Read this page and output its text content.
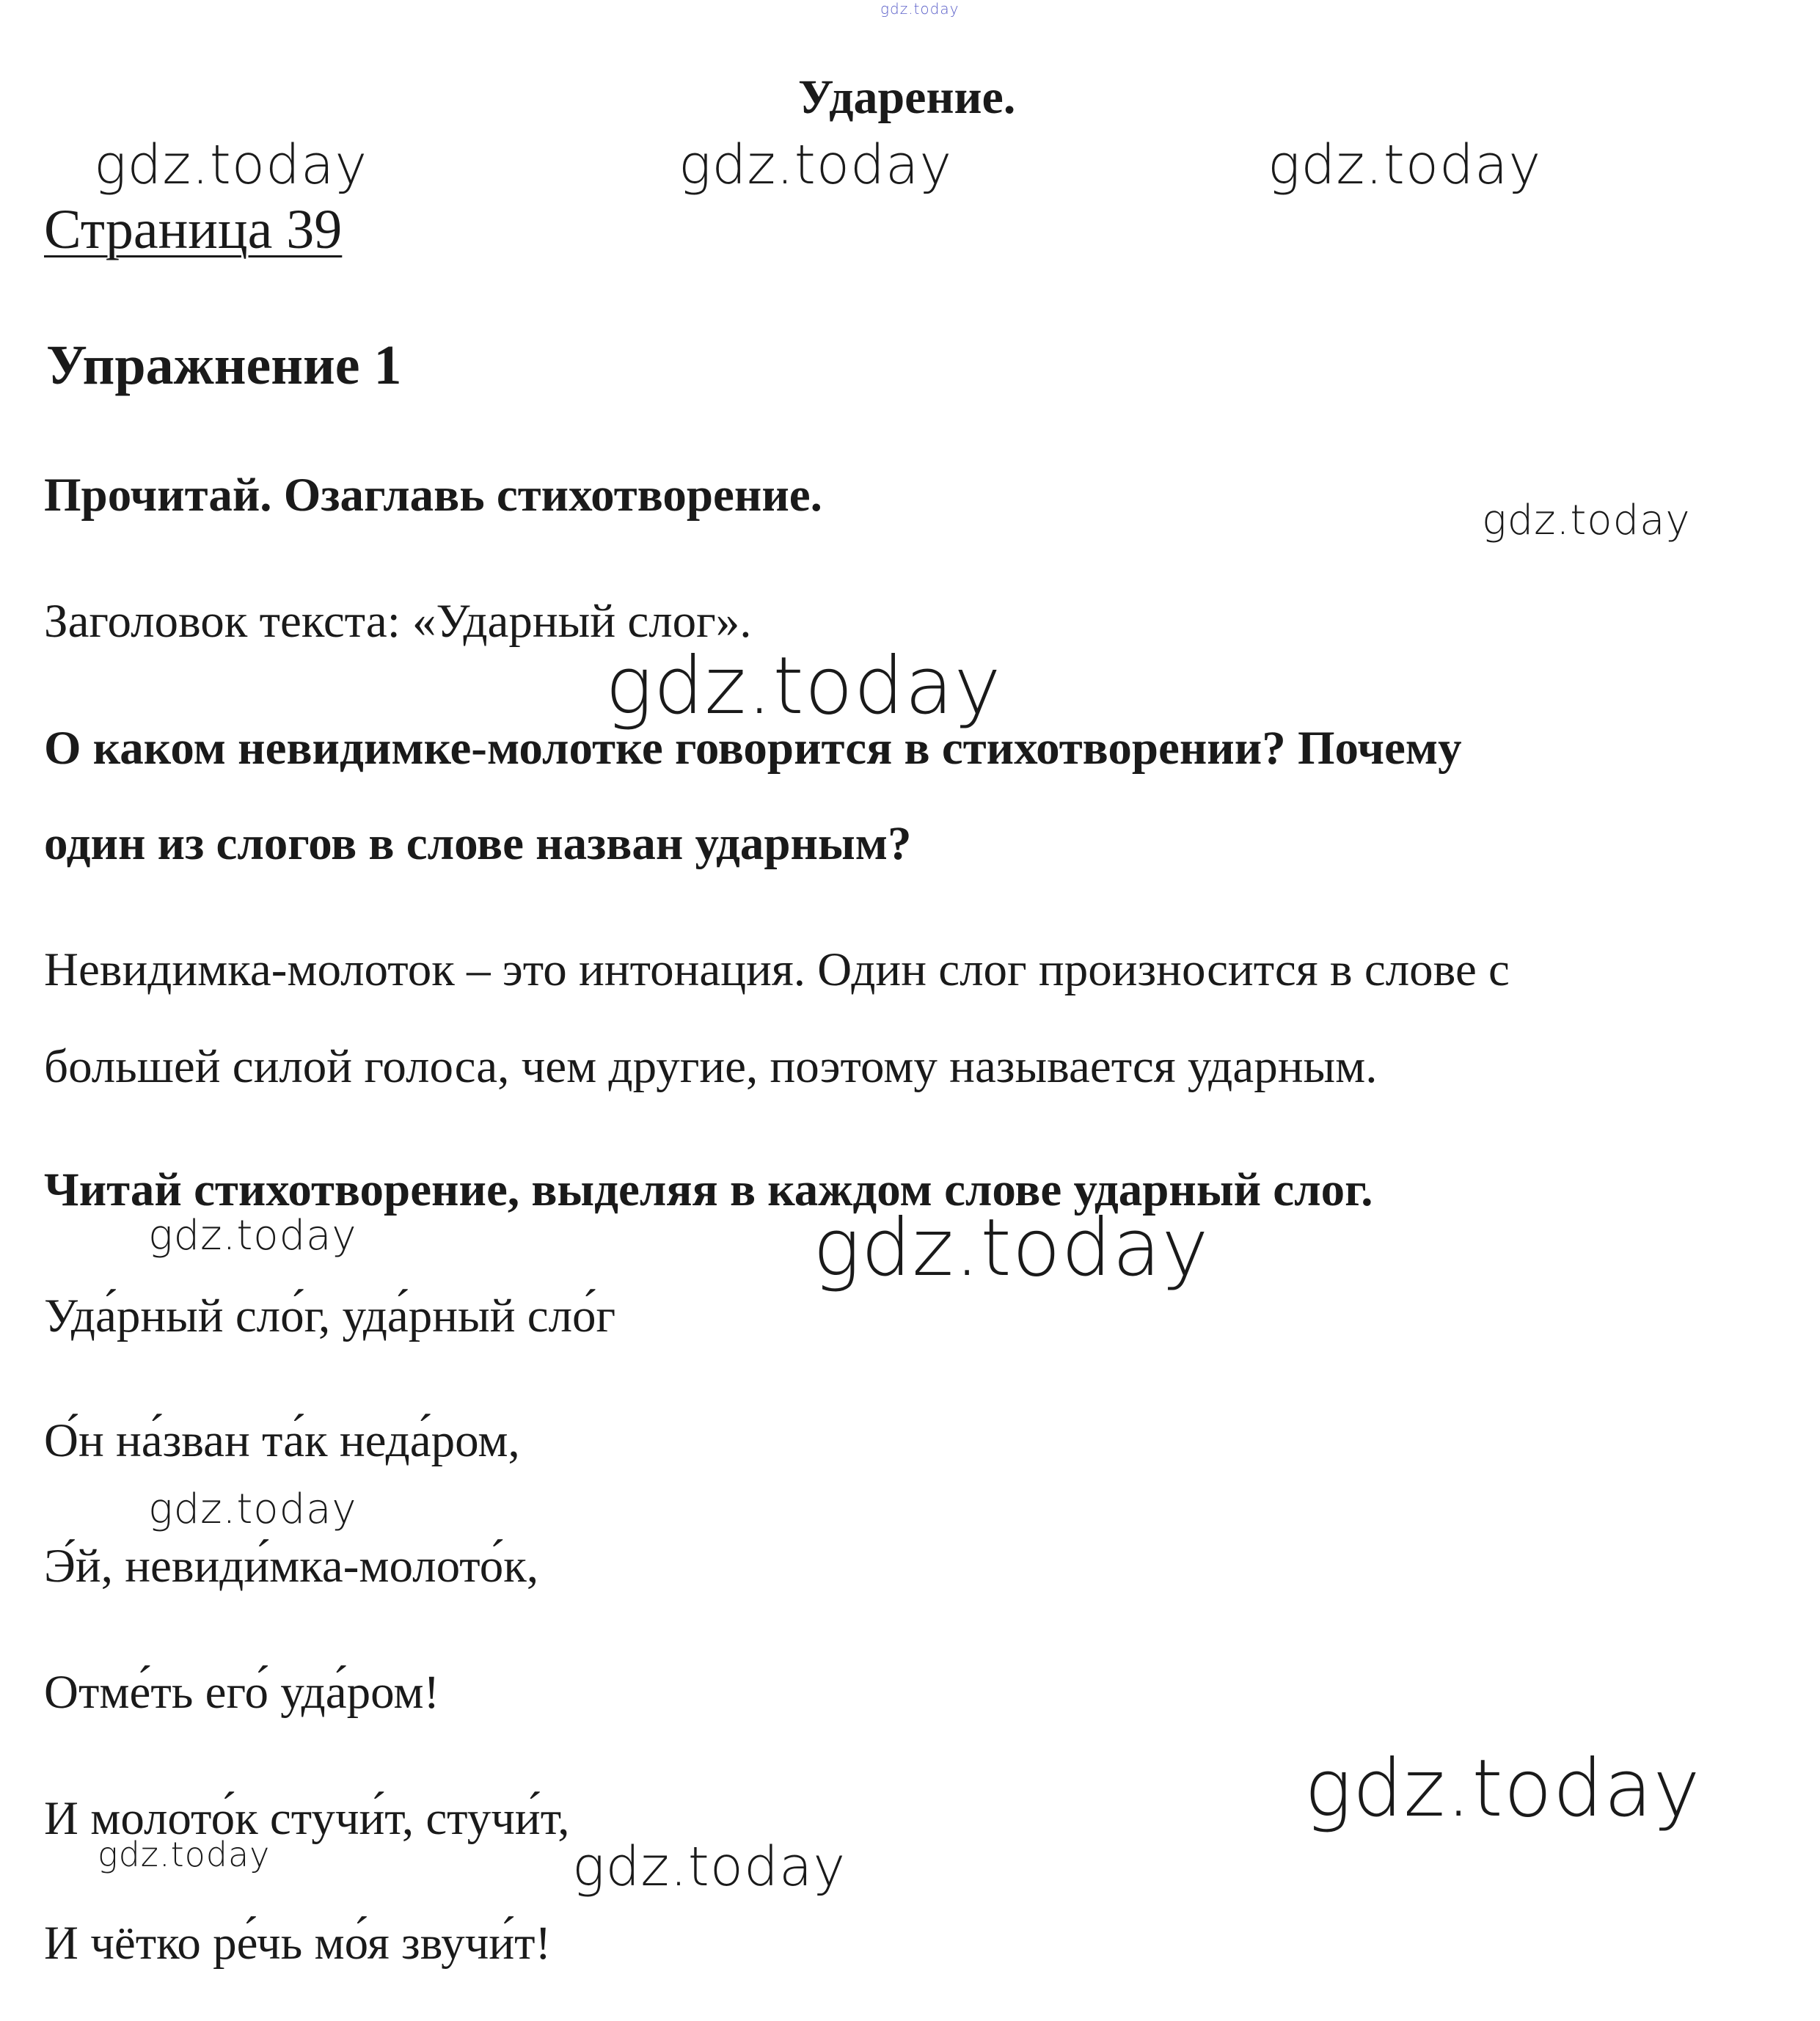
gdz.today
gdz.today	gdz.today	gdz.today
gdz.today
gdz.today
gdz.today	gdz.today
gdz.today
gdz.today
gdz.today	gdz.today
Ударение.
Страница 39
Упражнение 1
Прочитай. Озаглавь стихотворение.
Заголовок текста: «Ударный слог».
О каком невидимке-молотке говорится в стихотворении? Почему
один из слогов в слове назван ударным?
Невидимка-молоток – это интонация. Один слог произносится в слове с
большей силой голоса, чем другие, поэтому называется ударным.
Читай стихотворение, выделяя в каждом слове ударный слог.
Уда́рный сло́г, уда́рный сло́г
О́н на́зван та́к неда́ром,
Э́й, невиди́мка-молото́к,
Отме́ть его́ уда́ром!
И молото́к стучи́т, стучи́т,
И чётко ре́чь мо́я звучи́т!
